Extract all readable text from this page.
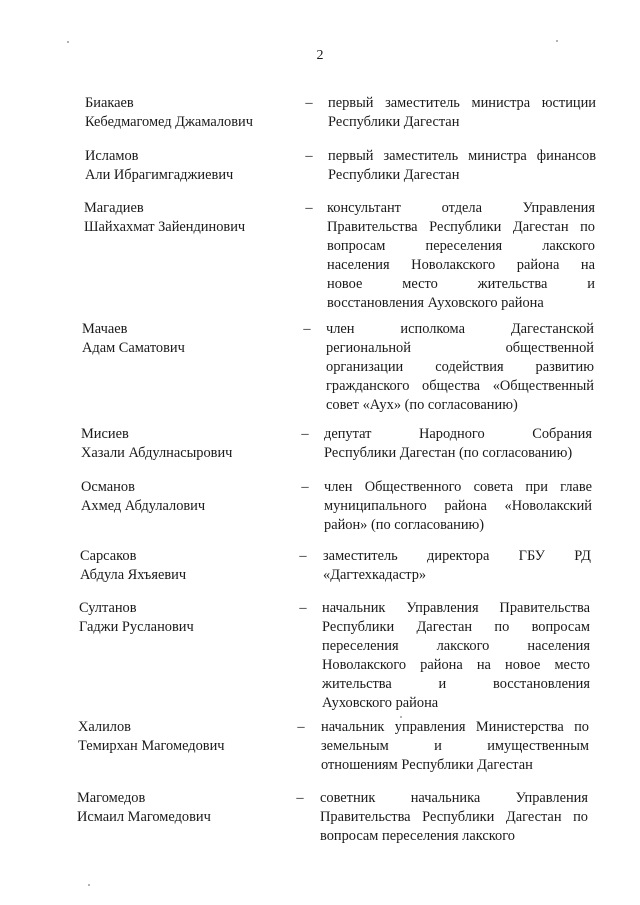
2
Биакаев
Кебедмагомед Джамалович
– первый заместитель министра юстиции
Республики Дагестан
Исламов
Али Ибрагимгаджиевич
– первый заместитель министра финансов
Республики Дагестан
Магадиев
Шайхахмат Зайендинович
– консультант отдела Управления
Правительства Республики Дагестан по
вопросам переселения лакского
населения Новолакского района на
новое место жительства и
восстановления Ауховского района
Мачаев
Адам Саматович
– член исполкома Дагестанской
региональной общественной
организации содействия развитию
гражданского общества «Общественный
совет «Аух» (по согласованию)
Мисиев
Хазали Абдулнасырович
– депутат Народного Собрания
Республики Дагестан (по согласованию)
Османов
Ахмед Абдулалович
– член Общественного совета при главе
муниципального района «Новолакский
район» (по согласованию)
Сарсаков
Абдула Яхъяевич
– заместитель директора ГБУ РД
«Дагтехкадастр»
Султанов
Гаджи Русланович
– начальник Управления Правительства
Республики Дагестан по вопросам
переселения лакского населения
Новолакского района на новое место
жительства и восстановления
Ауховского района
Халилов
Темирхан Магомедович
– начальник управления Министерства по
земельным и имущественным
отношениям Республики Дагестан
Магомедов
Исмаил Магомедович
– советник начальника Управления
Правительства Республики Дагестан по
вопросам переселения лакского
